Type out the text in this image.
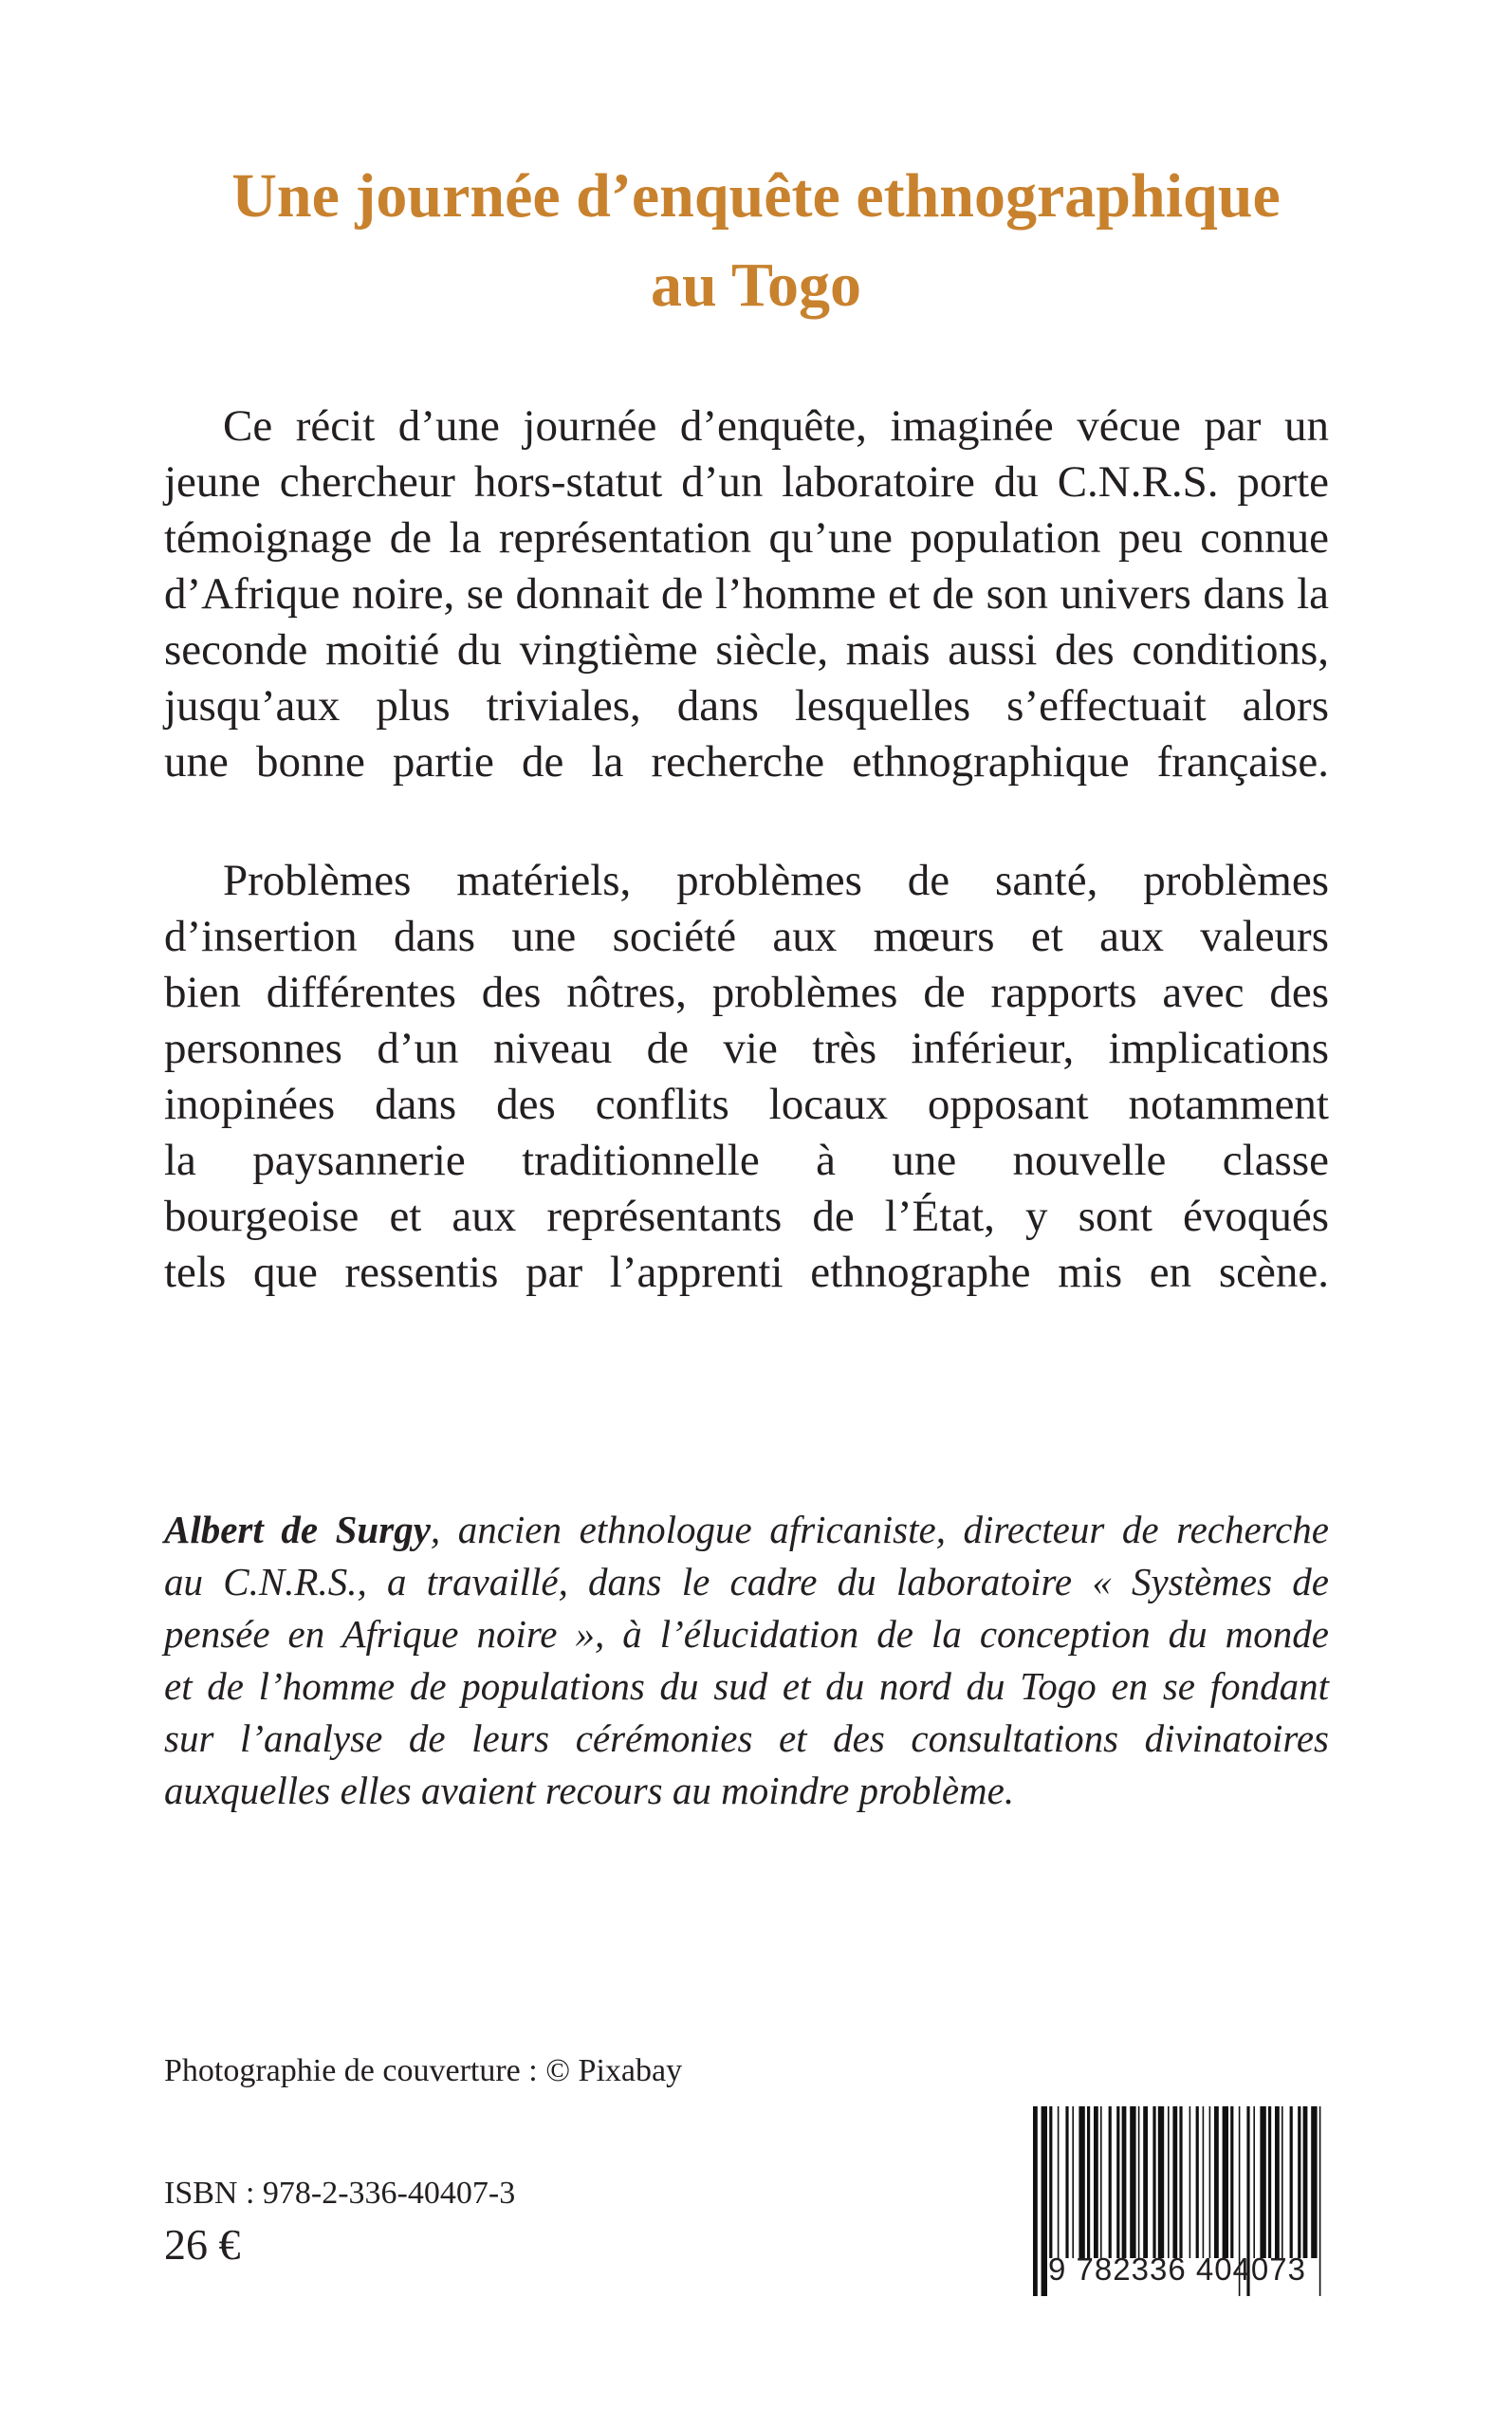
Une journée d’enquête ethnographique
au Togo

Ce récit d’une journée d’enquête, imaginée vécue par un
jeune chercheur hors-statut d’un laboratoire du C.N.R.S. porte
témoignage de la représentation qu’une population peu connue
d’Afrique noire, se donnait de l’homme et de son univers dans la
seconde moitié du vingtième siècle, mais aussi des conditions,
jusqu’aux plus triviales, dans lesquelles s’effectuait alors
une bonne partie de la recherche ethnographique française.

Problèmes matériels, problèmes de santé, problèmes
d’insertion dans une société aux mœurs et aux valeurs
bien différentes des nôtres, problèmes de rapports avec des
personnes d’un niveau de vie très inférieur, implications
inopinées dans des conflits locaux opposant notamment
la paysannerie traditionnelle à une nouvelle classe
bourgeoise et aux représentants de l’État, y sont évoqués
tels que ressentis par l’apprenti ethnographe mis en scène.

Albert de Surgy, ancien ethnologue africaniste, directeur de recherche
au C.N.R.S., a travaillé, dans le cadre du laboratoire « Systèmes de
pensée en Afrique noire », à l’élucidation de la conception du monde
et de l’homme de populations du sud et du nord du Togo en se fondant
sur l’analyse de leurs cérémonies et des consultations divinatoires
auxquelles elles avaient recours au moindre problème.

Photographie de couverture : © Pixabay
ISBN : 978-2-336-40407-3
26 €
9 782336 404073
